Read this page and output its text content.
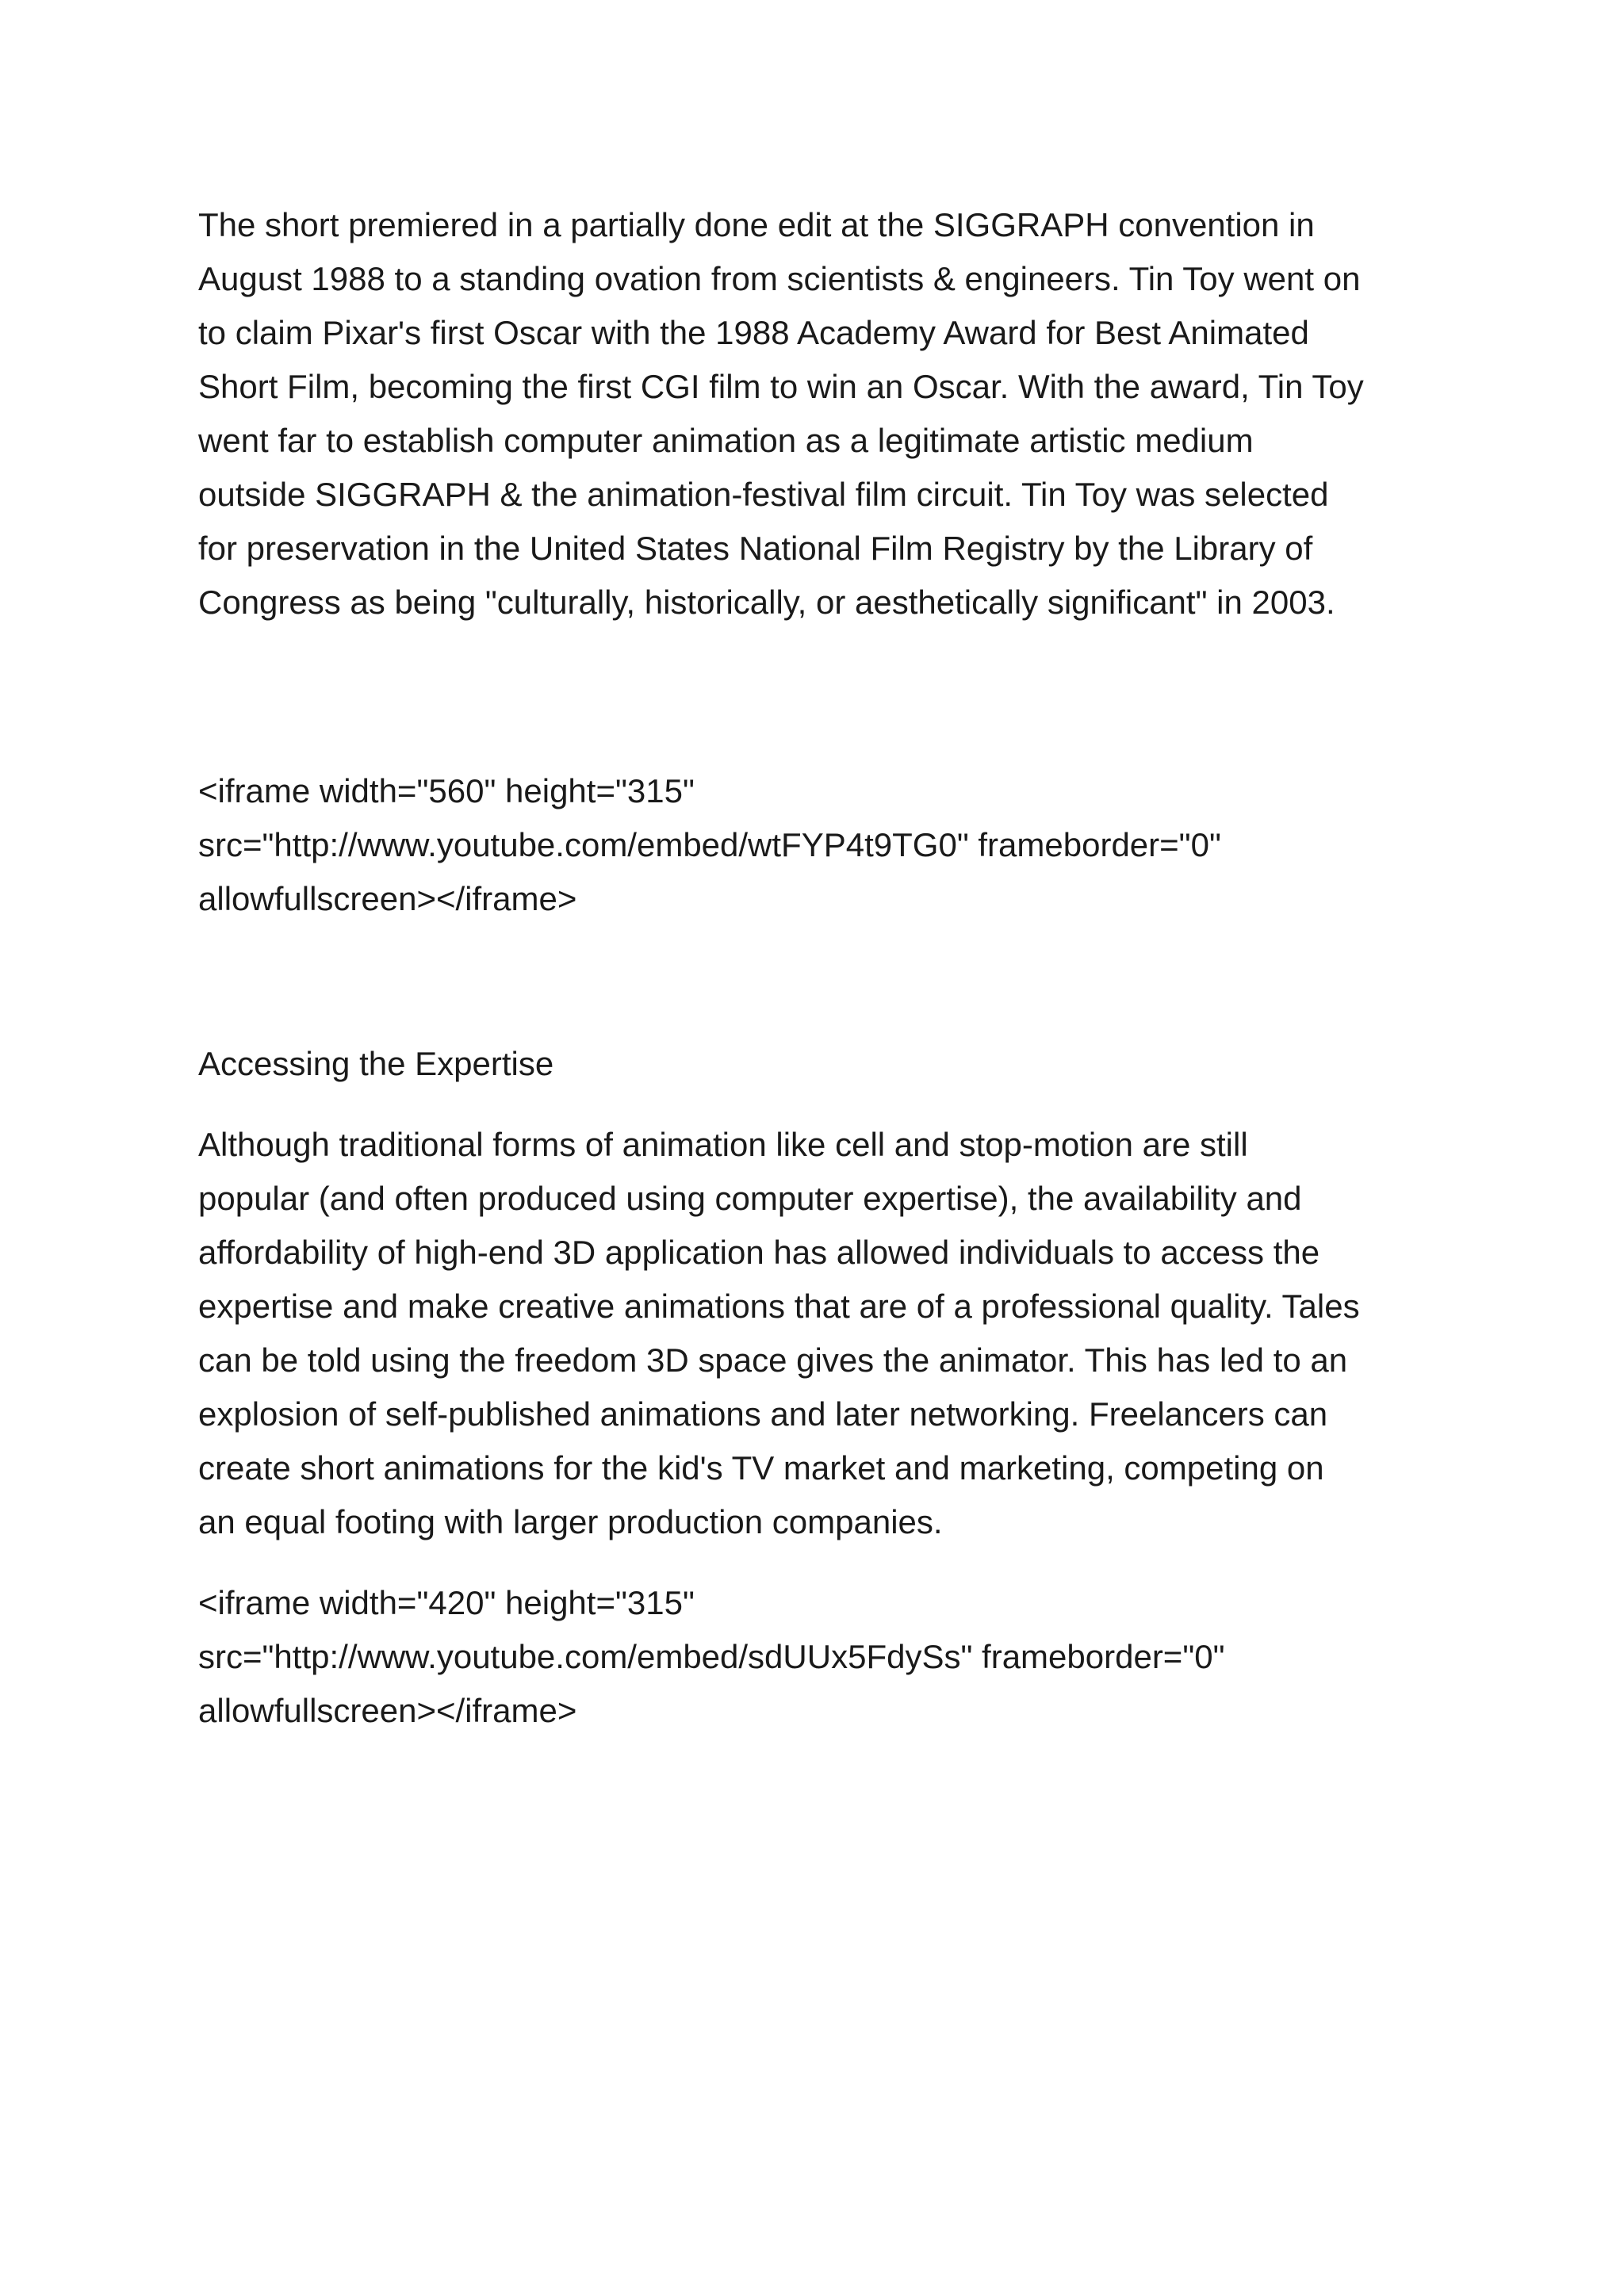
The short premiered in a partially done edit at the SIGGRAPH convention in
August 1988 to a standing ovation from scientists & engineers. Tin Toy went on
to claim Pixar's first Oscar with the 1988 Academy Award for Best Animated
Short Film, becoming the first CGI film to win an Oscar. With the award, Tin Toy
went far to establish computer animation as a legitimate artistic medium
outside SIGGRAPH & the animation-festival film circuit. Tin Toy was selected
for preservation in the United States National Film Registry by the Library of
Congress as being "culturally, historically, or aesthetically significant" in 2003.

<iframe width="560" height="315"
src="http://www.youtube.com/embed/wtFYP4t9TG0" frameborder="0"
allowfullscreen></iframe>

Accessing the Expertise

Although traditional forms of animation like cell and stop-motion are still
popular (and often produced using computer expertise), the availability and
affordability of high-end 3D application has allowed individuals to access the
expertise and make creative animations that are of a professional quality. Tales
can be told using the freedom 3D space gives the animator. This has led to an
explosion of self-published animations and later networking. Freelancers can
create short animations for the kid's TV market and marketing, competing on
an equal footing with larger production companies.

<iframe width="420" height="315"
src="http://www.youtube.com/embed/sdUUx5FdySs" frameborder="0"
allowfullscreen></iframe>
